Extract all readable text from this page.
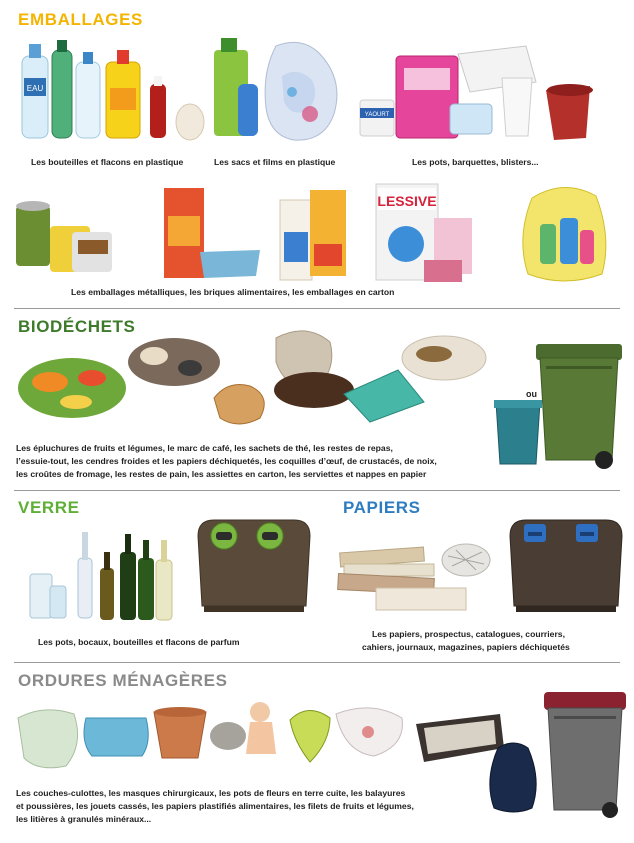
EMBALLAGES
EAU
YAOURT
Les bouteilles et flacons en plastique	Les sacs et films en plastique	Les pots, barquettes, blisters...
LESSIVE
Les emballages métalliques, les briques alimentaires, les emballages en carton
BIODÉCHETS
ou
Les épluchures de fruits et légumes, le marc de café, les sachets de thé, les restes de repas,
l’essuie-tout, les cendres froides et les papiers déchiquetés, les coquilles d’œuf, de crustacés, de noix,
les croûtes de fromage, les restes de pain, les assiettes en carton, les serviettes et nappes en papier
VERRE
Les pots, bocaux, bouteilles et flacons de parfum
PAPIERS
Les papiers, prospectus, catalogues, courriers,
cahiers, journaux, magazines, papiers déchiquetés
ORDURES MÉNAGÈRES
Les couches-culottes, les masques chirurgicaux, les pots de fleurs en terre cuite, les balayures
et poussières, les jouets cassés, les papiers plastifiés alimentaires, les filets de fruits et légumes,
les litières à granulés minéraux...
